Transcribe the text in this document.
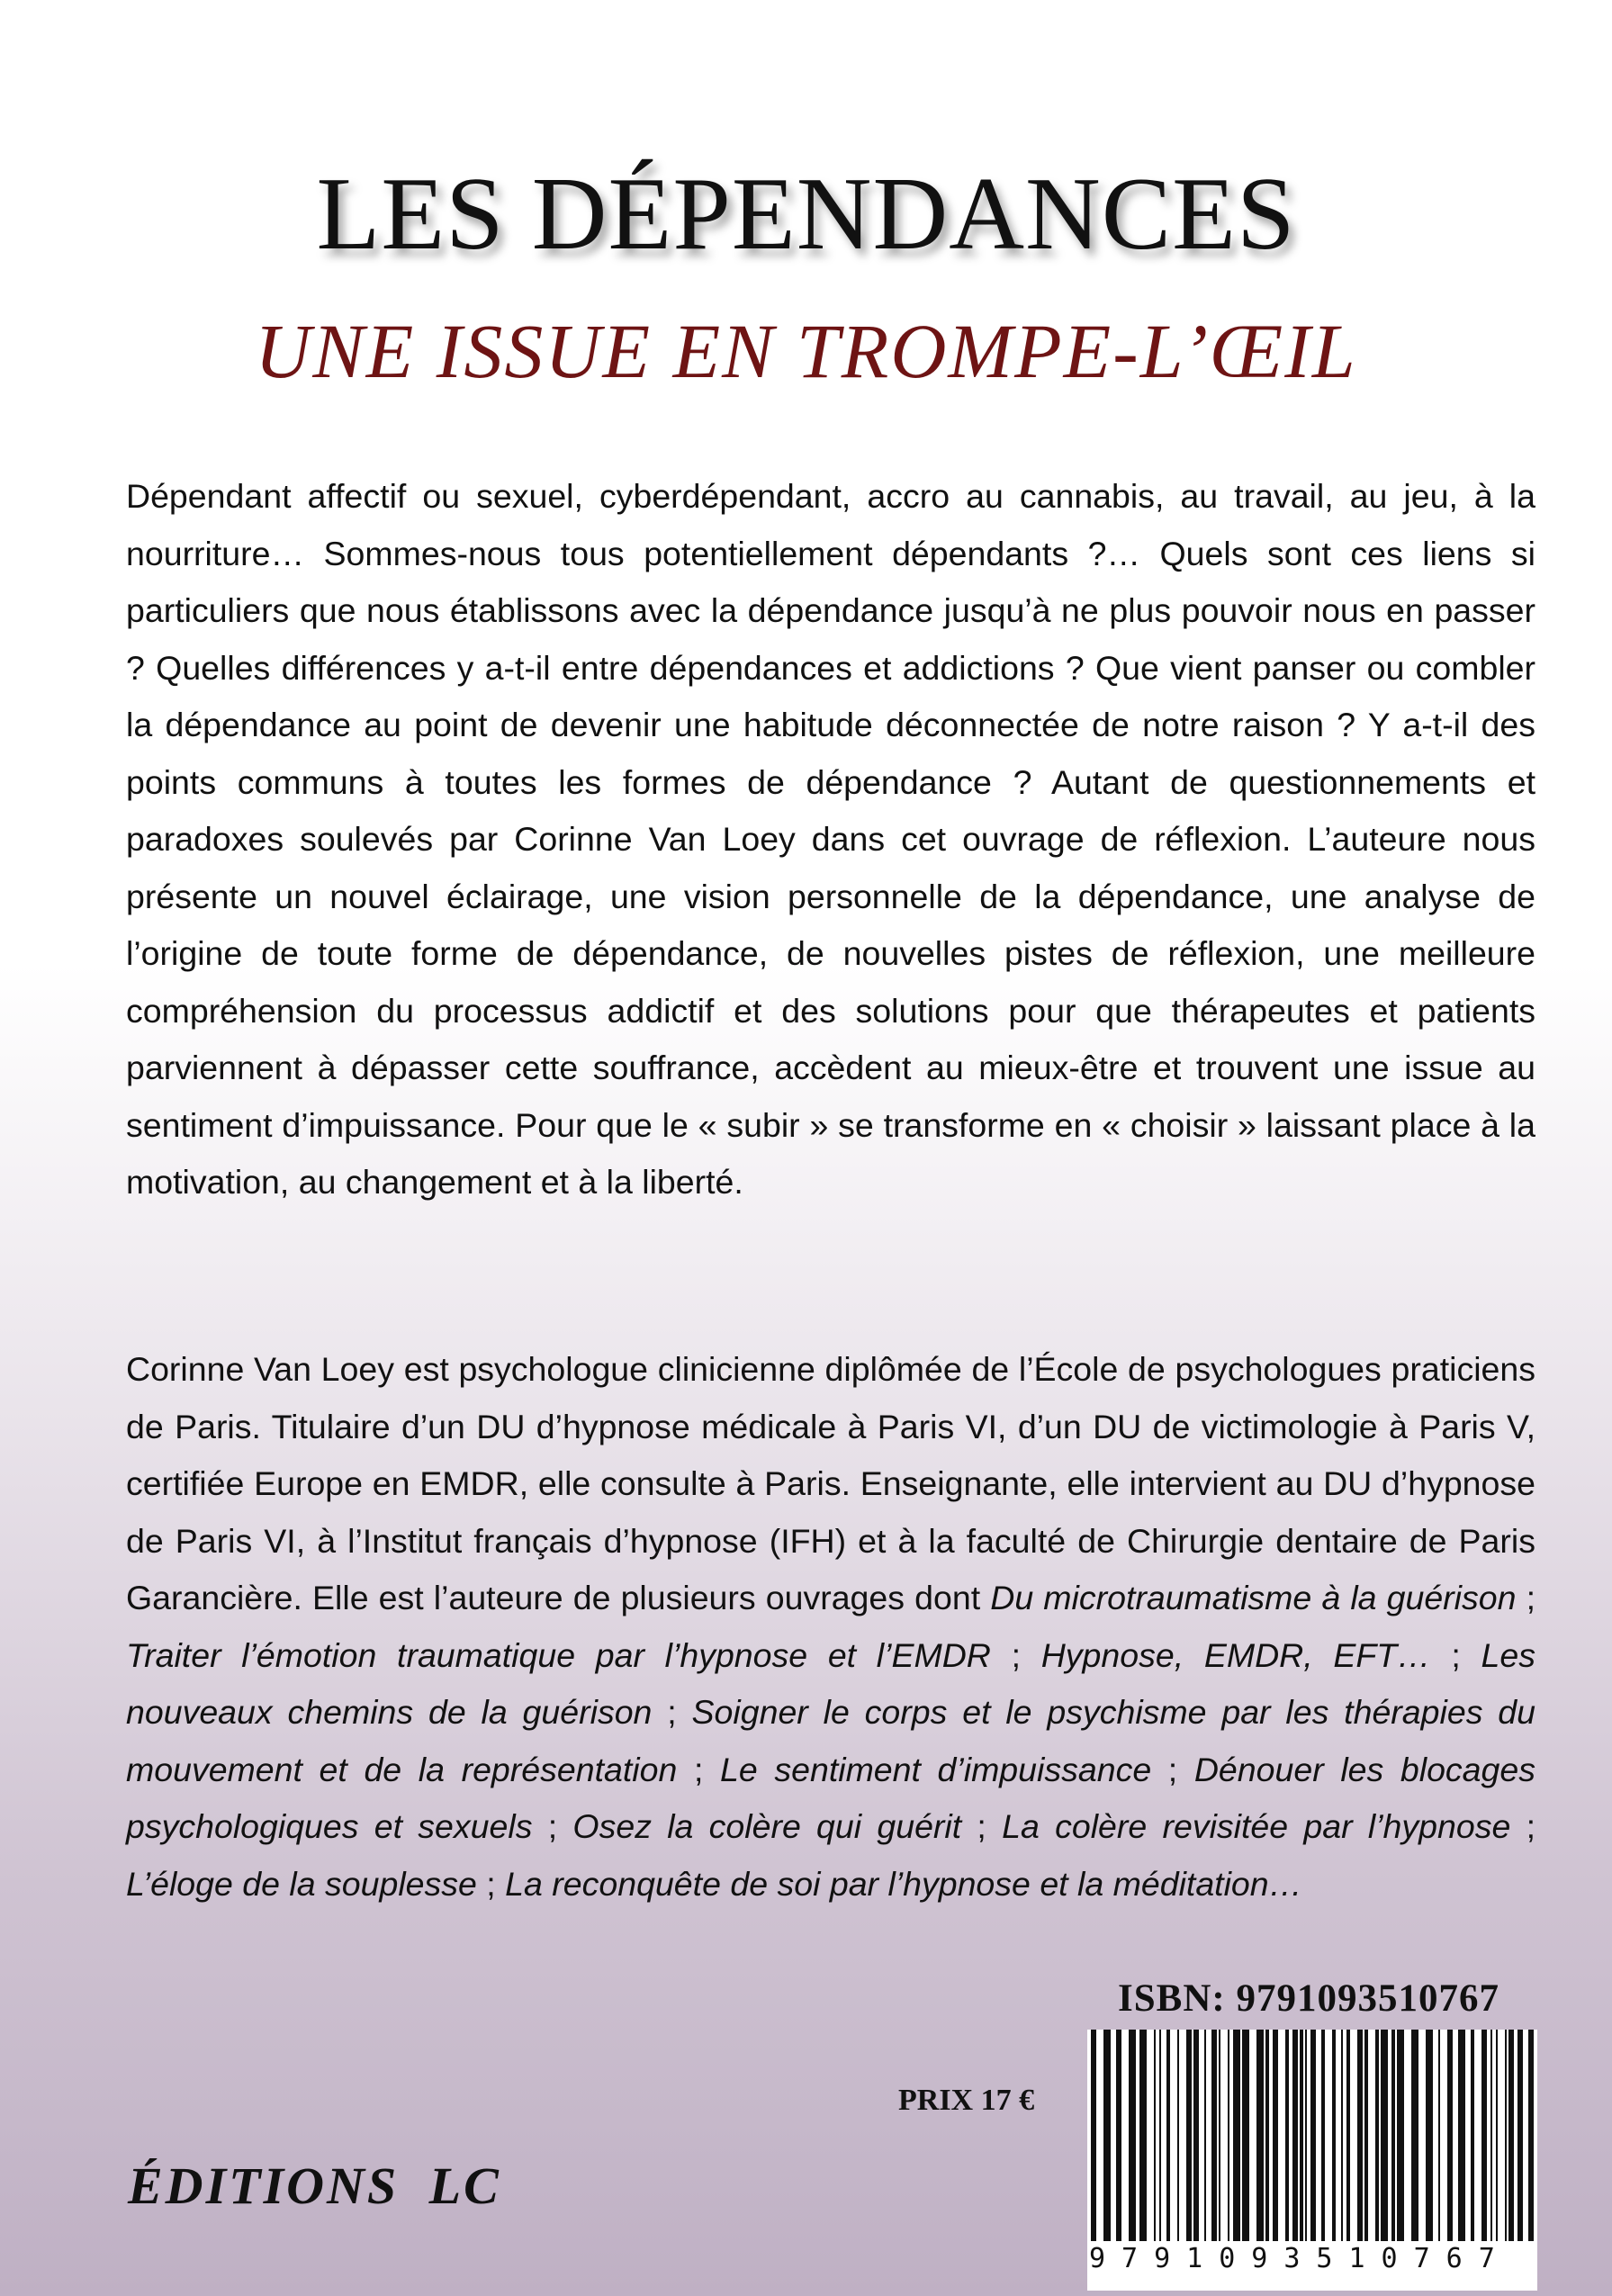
LES DÉPENDANCES
UNE ISSUE EN TROMPE-L’ŒIL

Dépendant affectif ou sexuel, cyberdépendant, accro au cannabis, au travail, au jeu, à la nourriture… Sommes-nous tous potentiellement dépendants ?… Quels sont ces liens si particuliers que nous établissons avec la dépendance jusqu’à ne plus pouvoir nous en passer ? Quelles différences y a-t-il entre dépendances et addictions ? Que vient panser ou combler la dépendance au point de devenir une habitude déconnectée de notre raison ? Y a-t-il des points communs à toutes les formes de dépendance ? Autant de questionnements et paradoxes soulevés par Corinne Van Loey dans cet ouvrage de réflexion. L’auteure nous présente un nouvel éclairage, une vision personnelle de la dépendance, une analyse de l’origine de toute forme de dépendance, de nouvelles pistes de réflexion, une meilleure compréhension du processus addictif et des solutions pour que thérapeutes et patients parviennent à dépasser cette souffrance, accèdent au mieux-être et trouvent une issue au sentiment d’impuissance. Pour que le « subir » se transforme en « choisir » laissant place à la motivation, au changement et à la liberté.

Corinne Van Loey est psychologue clinicienne diplômée de l’École de psychologues praticiens de Paris. Titulaire d’un DU d’hypnose médicale à Paris VI, d’un DU de victimologie à Paris V, certifiée Europe en EMDR, elle consulte à Paris. Enseignante, elle intervient au DU d’hypnose de Paris VI, à l’Institut français d’hypnose (IFH) et à la faculté de Chirurgie dentaire de Paris Garancière. Elle est l’auteure de plusieurs ouvrages dont Du microtraumatisme à la guérison ; Traiter l’émotion traumatique par l’hypnose et l’EMDR ; Hypnose, EMDR, EFT… ; Les nouveaux chemins de la guérison ; Soigner le corps et le psychisme par les thérapies du mouvement et de la représentation ; Le sentiment d’impuissance ; Dénouer les blocages psychologiques et sexuels ; Osez la colère qui guérit ; La colère revisitée par l’hypnose ; L’éloge de la souplesse ; La reconquête de soi par l’hypnose et la méditation…

ISBN: 9791093510767
9791093510767
PRIX 17 €
ÉDITIONS LC
